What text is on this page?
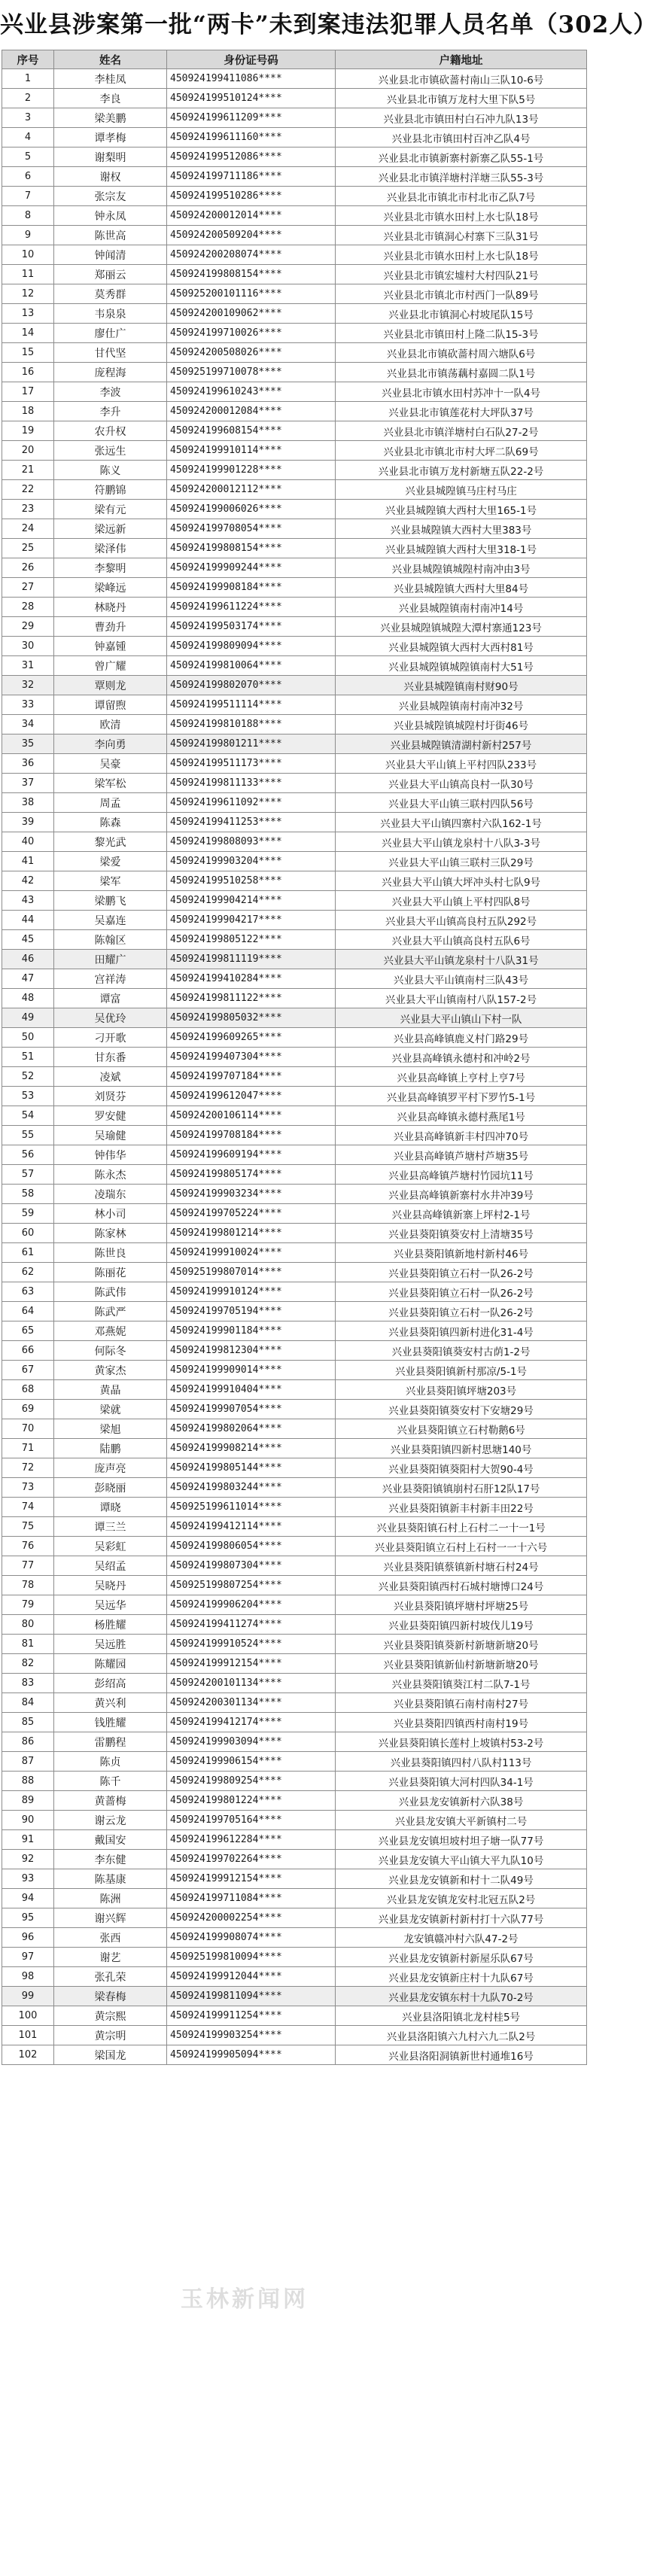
兴业县涉案第一批“两卡”未到案违法犯罪人员名单（302人）
序号	姓名	身份证号码	户籍地址
1	李桂凤	450924199411086****	兴业县北市镇砍蔷村南山三队10-6号
2	李良	450924199510124****	兴业县北市镇万龙村大里下队5号
3	梁美鹏	450924199611209****	兴业县北市镇田村白石冲九队13号
4	谭孝梅	450924199611160****	兴业县北市镇田村百冲乙队4号
5	谢梨明	450924199512086****	兴业县北市镇新寨村新寨乙队55-1号
6	谢权	450924199711186****	兴业县北市镇洋塘村洋塘三队55-3号
7	张宗友	450924199510286****	兴业县北市镇北市村北市乙队7号
8	钟永凤	450924200012014****	兴业县北市镇水田村上水七队18号
9	陈世高	450924200509204****	兴业县北市镇洞心村寨下三队31号
10	钟闻清	450924200208074****	兴业县北市镇水田村上水七队18号
11	郑丽云	450924199808154****	兴业县北市镇宏墟村大村四队21号
12	莫秀群	450925200101116****	兴业县北市镇北市村西门一队89号
13	韦泉泉	450924200109062****	兴业县北市镇洞心村坡尾队15号
14	廖仕广	450924199710026****	兴业县北市镇田村上隆二队15-3号
15	甘代坚	450924200508026****	兴业县北市镇砍蔷村周六塘队6号
16	庞程海	450925199710078****	兴业县北市镇荡藕村嘉圆二队1号
17	李波	450924199610243****	兴业县北市镇水田村苏冲十一队4号
18	李升	450924200012084****	兴业县北市镇莲花村大坪队37号
19	农升权	450924199608154****	兴业县北市镇洋塘村白石队27-2号
20	张远生	450924199910114****	兴业县北市镇北市村大坪二队69号
21	陈义	450924199901228****	兴业县北市镇万龙村新塘五队22-2号
22	符鹏锦	450924200012112****	兴业县城隍镇马庄村马庄
23	梁有元	450924199006026****	兴业县城隍镇大西村大里165-1号
24	梁远新	450924199708054****	兴业县城隍镇大西村大里383号
25	梁泽伟	450924199808154****	兴业县城隍镇大西村大里318-1号
26	李黎明	450924199909244****	兴业县城隍镇城隍村南冲由3号
27	梁峰远	450924199908184****	兴业县城隍镇大西村大里84号
28	林晓丹	450924199611224****	兴业县城隍镇南村南冲14号
29	曹劲升	450924199503174****	兴业县城隍镇城隍大潭村寨通123号
30	钟嘉锺	450924199809094****	兴业县城隍镇大西村大西村81号
31	曾广耀	450924199810064****	兴业县城隍镇城隍镇南村大51号
32	覃则龙	450924199802070****	兴业县城隍镇南村财90号
33	谭留煦	450924199511114****	兴业县城隍镇南村南冲32号
34	欧清	450924199810188****	兴业县城隍镇城隍村圩街46号
35	李向勇	450924199801211****	兴业县城隍镇清湖村新村257号
36	吴豪	450924199511173****	兴业县大平山镇上平村四队233号
37	梁军松	450924199811133****	兴业县大平山镇高良村一队30号
38	周孟	450924199611092****	兴业县大平山镇三联村四队56号
39	陈森	450924199411253****	兴业县大平山镇四寨村六队162-1号
40	黎光武	450924199808093****	兴业县大平山镇龙泉村十八队3-3号
41	梁爱	450924199903204****	兴业县大平山镇三联村三队29号
42	梁军	450924199510258****	兴业县大平山镇大坪冲头村七队9号
43	梁鹏飞	450924199904214****	兴业县大平山镇上平村四队8号
44	吴嘉连	450924199904217****	兴业县大平山镇高良村五队292号
45	陈翰区	450924199805122****	兴业县大平山镇高良村五队6号
46	田耀广	450924199811119****	兴业县大平山镇龙泉村十八队31号
47	宫祥涛	450924199410284****	兴业县大平山镇南村三队43号
48	谭富	450924199811122****	兴业县大平山镇南村八队157-2号
49	吴优玲	450924199805032****	兴业县大平山镇山下村一队
50	刁开歌	450924199609265****	兴业县高峰镇鹿义村门路29号
51	甘东番	450924199407304****	兴业县高峰镇永德村和冲岭2号
52	凌斌	450924199707184****	兴业县高峰镇上亨村上亨7号
53	刘贤芬	450924199612047****	兴业县高峰镇罗平村下罗竹5-1号
54	罗安健	450924200106114****	兴业县高峰镇永德村燕尾1号
55	吴瑜健	450924199708184****	兴业县高峰镇新丰村四冲70号
56	钟伟华	450924199609194****	兴业县高峰镇芦塘村芦塘35号
57	陈永杰	450924199805174****	兴业县高峰镇芦塘村竹园坑11号
58	凌瑞东	450924199903234****	兴业县高峰镇新寨村水井冲39号
59	林小司	450924199705224****	兴业县高峰镇新寨上坪村2-1号
60	陈家林	450924199801214****	兴业县葵阳镇葵安村上清塘35号
61	陈世良	450924199910024****	兴业县葵阳镇新地村新村46号
62	陈丽花	450925199807014****	兴业县葵阳镇立石村一队26-2号
63	陈武伟	450924199910124****	兴业县葵阳镇立石村一队26-2号
64	陈武严	450924199705194****	兴业县葵阳镇立石村一队26-2号
65	邓燕妮	450924199901184****	兴业县葵阳镇四新村进化31-4号
66	何际冬	450924199812304****	兴业县葵阳镇葵安村古荫1-2号
67	黄家杰	450924199909014****	兴业县葵阳镇新村那凉/5-1号
68	黄晶	450924199910404****	兴业县葵阳镇坪塘203号
69	梁就	450924199907054****	兴业县葵阳镇葵安村下安塘29号
70	梁旭	450924199802064****	兴业县葵阳镇立石村勒鹅6号
71	陆鹏	450924199908214****	兴业县葵阳镇四新村思塘140号
72	庞声亮	450924199805144****	兴业县葵阳镇葵阳村大贺90-4号
73	彭晓丽	450924199803244****	兴业县葵阳镇镇崩村石肝12队17号
74	谭晓	450925199611014****	兴业县葵阳镇新丰村新丰田22号
75	谭三兰	450924199412114****	兴业县葵阳镇石村上石村二一十一1号
76	吴彩虹	450924199806054****	兴业县葵阳镇立石村上石村一一十六号
77	吴绍孟	450924199807304****	兴业县葵阳镇蔡镇新村塘石村24号
78	吴晓丹	450925199807254****	兴业县葵阳镇西村石城村塘博口24号
79	吴远华	450924199906204****	兴业县葵阳镇坪塘村坪塘25号
80	杨胜耀	450924199411274****	兴业县葵阳镇四新村坡伐儿19号
81	吴远胜	450924199910524****	兴业县葵阳镇葵新村新塘新塘20号
82	陈耀园	450924199912154****	兴业县葵阳镇新仙村新塘新塘20号
83	彭绍高	450924200101134****	兴业县葵阳镇葵江村二队7-1号
84	黄兴利	450924200301134****	兴业县葵阳镇石南村南村27号
85	钱胜耀	450924199412174****	兴业县葵阳四镇西村南村19号
86	雷鹏程	450924199903094****	兴业县葵阳镇长莲村上坡镇村53-2号
87	陈贞	450924199906154****	兴业县葵阳镇四村八队村113号
88	陈千	450924199809254****	兴业县葵阳镇大河村四队34-1号
89	黄蔷梅	450924199801224****	兴业县龙安镇新村六队38号
90	谢云龙	450924199705164****	兴业县龙安镇大平新镇村二号
91	戴国安	450924199612284****	兴业县龙安镇坦坡村坦子塘一队77号
92	李东健	450924199702264****	兴业县龙安镇大平山镇大平九队10号
93	陈基康	450924199912154****	兴业县龙安镇新和村十二队49号
94	陈洲	450924199711084****	兴业县龙安镇龙安村北冠五队2号
95	谢兴辉	450924200002254****	兴业县龙安镇新村新村打十六队77号
96	张西	450924199908074****	龙安镇赣冲村六队47-2号
97	谢艺	450925199810094****	兴业县龙安镇新村新屋乐队67号
98	张孔荣	450924199912044****	兴业县龙安镇新庄村十九队67号
99	梁春梅	450924199811094****	兴业县龙安镇东村十九队70-2号
100	黄宗熙	450924199911254****	兴业县洛阳镇北龙村桂5号
101	黄宗明	450924199903254****	兴业县洛阳镇六九村六九二队2号
102	梁国龙	450924199905094****	兴业县洛阳洞镇新世村通堆16号
玉林新闻网
